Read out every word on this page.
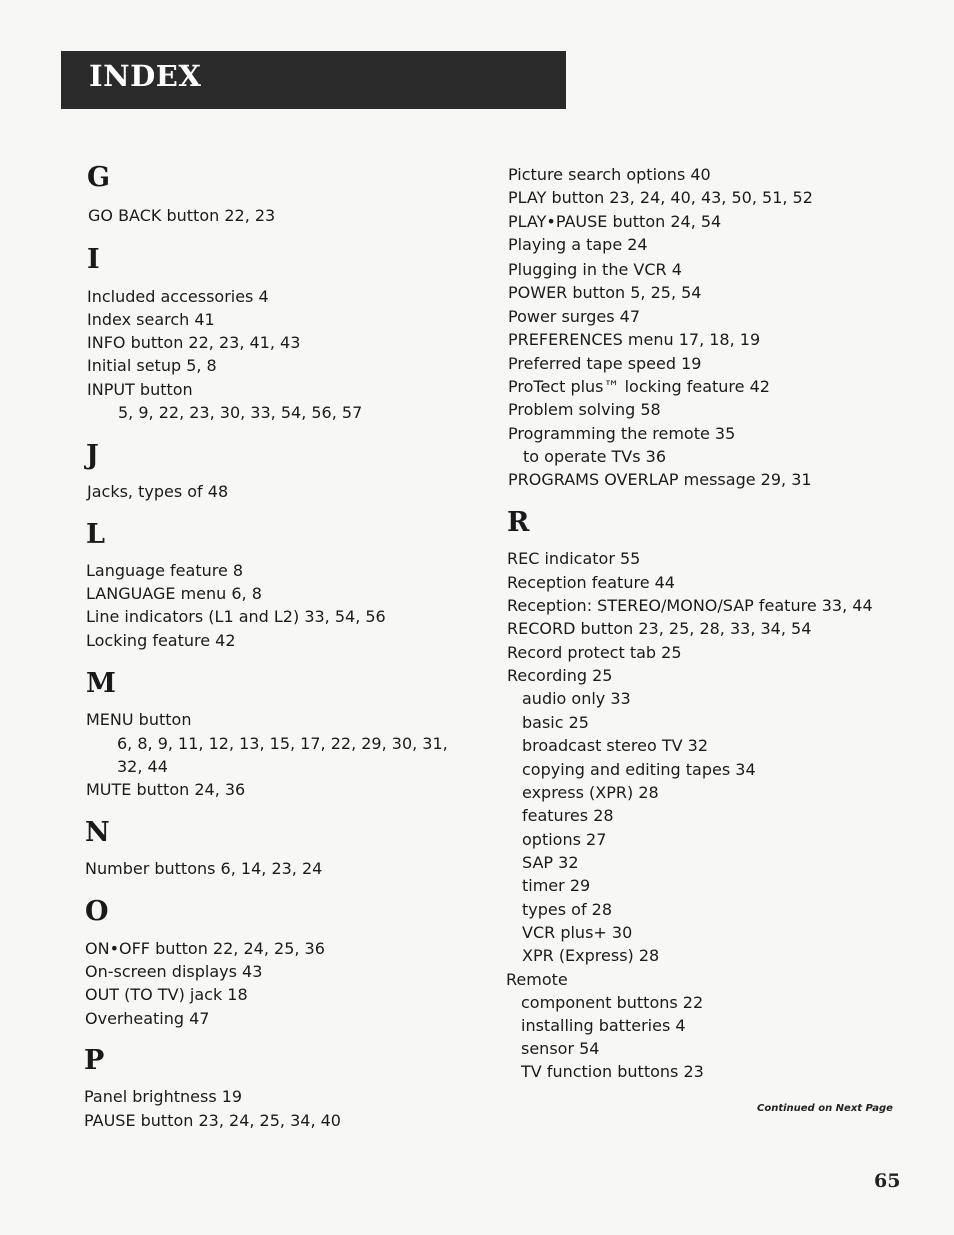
INDEX
G
GO BACK button 22, 23
I
Included accessories 4
Index search 41
INFO button 22, 23, 41, 43
Initial setup 5, 8
INPUT button
5, 9, 22, 23, 30, 33, 54, 56, 57
J
Jacks, types of 48
L
Language feature 8
LANGUAGE menu 6, 8
Line indicators (L1 and L2) 33, 54, 56
Locking feature 42
M
MENU button
6, 8, 9, 11, 12, 13, 15, 17, 22, 29, 30, 31,
32, 44
MUTE button 24, 36
N
Number buttons 6, 14, 23, 24
O
ON•OFF button 22, 24, 25, 36
On-screen displays 43
OUT (TO TV) jack 18
Overheating 47
P
Panel brightness 19
PAUSE button 23, 24, 25, 34, 40
Picture search options 40
PLAY button 23, 24, 40, 43, 50, 51, 52
PLAY•PAUSE button 24, 54
Playing a tape 24
Plugging in the VCR 4
POWER button 5, 25, 54
Power surges 47
PREFERENCES menu 17, 18, 19
Preferred tape speed 19
ProTect plus™ locking feature 42
Problem solving 58
Programming the remote 35
to operate TVs 36
PROGRAMS OVERLAP message 29, 31
R
REC indicator 55
Reception feature 44
Reception: STEREO/MONO/SAP feature 33, 44
RECORD button 23, 25, 28, 33, 34, 54
Record protect tab 25
Recording 25
audio only 33
basic 25
broadcast stereo TV 32
copying and editing tapes 34
express (XPR) 28
features 28
options 27
SAP 32
timer 29
types of 28
VCR plus+ 30
XPR (Express) 28
Remote
component buttons 22
installing batteries 4
sensor 54
TV function buttons 23
Continued on Next Page
65
